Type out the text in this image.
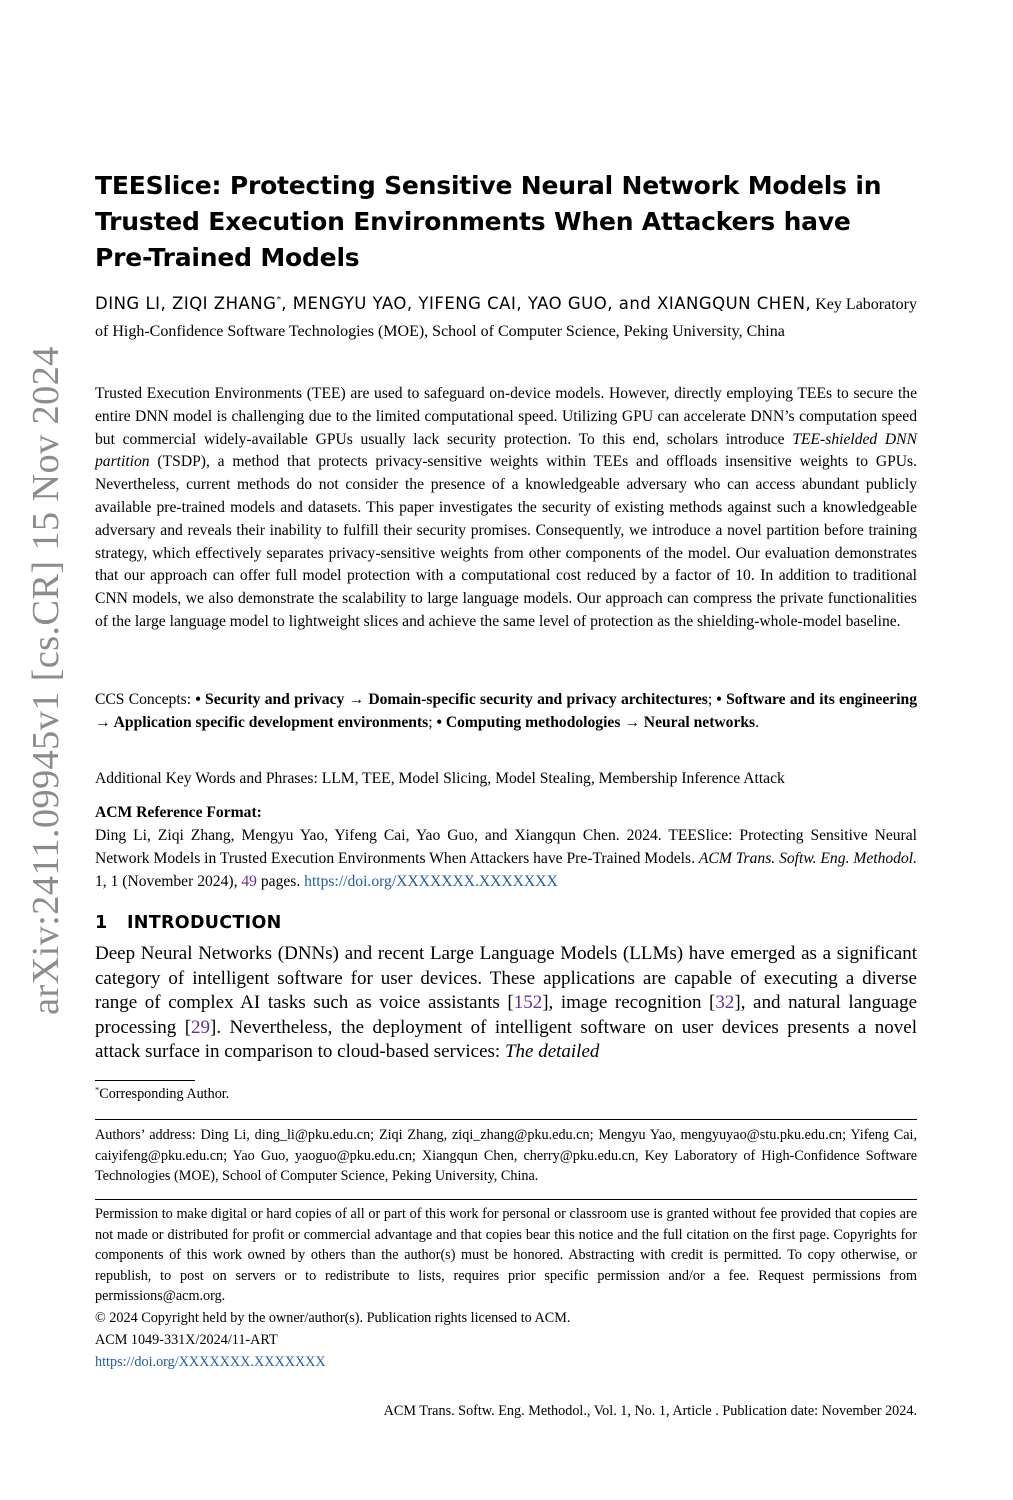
arXiv:2411.09945v1 [cs.CR] 15 Nov 2024
TEESlice: Protecting Sensitive Neural Network Models in Trusted Execution Environments When Attackers have Pre-Trained Models

DING LI, ZIQI ZHANG*, MENGYU YAO, YIFENG CAI, YAO GUO, and XIANGQUN CHEN, Key Laboratory of High-Confidence Software Technologies (MOE), School of Computer Science, Peking University, China

Trusted Execution Environments (TEE) are used to safeguard on-device models. However, directly employing TEEs to secure the entire DNN model is challenging due to the limited computational speed. Utilizing GPU can accelerate DNN’s computation speed but commercial widely-available GPUs usually lack security protection. To this end, scholars introduce TEE-shielded DNN partition (TSDP), a method that protects privacy-sensitive weights within TEEs and offloads insensitive weights to GPUs. Nevertheless, current methods do not consider the presence of a knowledgeable adversary who can access abundant publicly available pre-trained models and datasets. This paper investigates the security of existing methods against such a knowledgeable adversary and reveals their inability to fulfill their security promises. Consequently, we introduce a novel partition before training strategy, which effectively separates privacy-sensitive weights from other components of the model. Our evaluation demonstrates that our approach can offer full model protection with a computational cost reduced by a factor of 10. In addition to traditional CNN models, we also demonstrate the scalability to large language models. Our approach can compress the private functionalities of the large language model to lightweight slices and achieve the same level of protection as the shielding-whole-model baseline.

CCS Concepts: • Security and privacy → Domain-specific security and privacy architectures; • Software and its engineering → Application specific development environments; • Computing methodologies → Neural networks.

Additional Key Words and Phrases: LLM, TEE, Model Slicing, Model Stealing, Membership Inference Attack

ACM Reference Format:

Ding Li, Ziqi Zhang, Mengyu Yao, Yifeng Cai, Yao Guo, and Xiangqun Chen. 2024. TEESlice: Protecting Sensitive Neural Network Models in Trusted Execution Environments When Attackers have Pre-Trained Models. ACM Trans. Softw. Eng. Methodol. 1, 1 (November 2024), 49 pages. https://doi.org/XXXXXXX.XXXXXXX

1 INTRODUCTION

Deep Neural Networks (DNNs) and recent Large Language Models (LLMs) have emerged as a significant category of intelligent software for user devices. These applications are capable of executing a diverse range of complex AI tasks such as voice assistants [152], image recognition [32], and natural language processing [29]. Nevertheless, the deployment of intelligent software on user devices presents a novel attack surface in comparison to cloud-based services: The detailed

*Corresponding Author.

Authors’ address: Ding Li, ding_li@pku.edu.cn; Ziqi Zhang, ziqi_zhang@pku.edu.cn; Mengyu Yao, mengyuyao@stu.pku.edu.cn; Yifeng Cai, caiyifeng@pku.edu.cn; Yao Guo, yaoguo@pku.edu.cn; Xiangqun Chen, cherry@pku.edu.cn, Key Laboratory of High-Confidence Software Technologies (MOE), School of Computer Science, Peking University, China.

Permission to make digital or hard copies of all or part of this work for personal or classroom use is granted without fee provided that copies are not made or distributed for profit or commercial advantage and that copies bear this notice and the full citation on the first page. Copyrights for components of this work owned by others than the author(s) must be honored. Abstracting with credit is permitted. To copy otherwise, or republish, to post on servers or to redistribute to lists, requires prior specific permission and/or a fee. Request permissions from permissions@acm.org.

© 2024 Copyright held by the owner/author(s). Publication rights licensed to ACM.

ACM 1049-331X/2024/11-ART

https://doi.org/XXXXXXX.XXXXXXX

ACM Trans. Softw. Eng. Methodol., Vol. 1, No. 1, Article . Publication date: November 2024.
